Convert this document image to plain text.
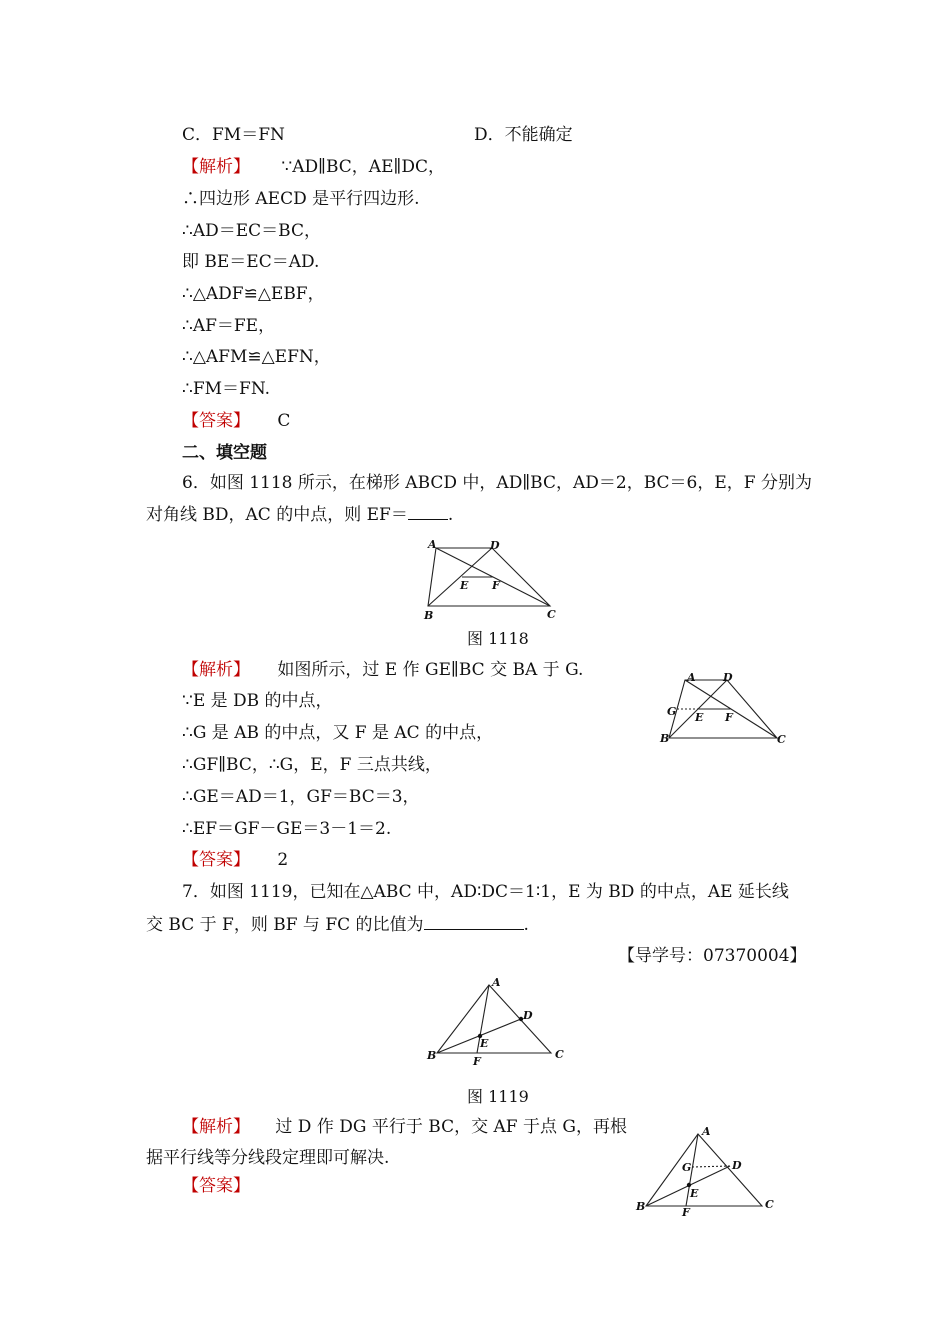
C．FM＝FN	D．不能确定
【解析】 ∵AD∥BC，AE∥DC，
∴四边形 AECD 是平行四边形.
∴AD＝EC＝BC，
即 BE＝EC＝AD.
∴△ADF≌△EBF，
∴AF＝FE，
∴△AFM≌△EFN，
∴FM＝FN.
【答案】 C
二、填空题
6．如图 1118 所示，在梯形 ABCD 中，AD∥BC，AD＝2，BC＝6，E，F 分别为
对角线 BD，AC 的中点，则 EF＝ .
A	D
E F
B	C
图 1118
【解析】 如图所示，过 E 作 GE∥BC 交 BA 于 G.
∵E 是 DB 的中点，
∴G 是 AB 的中点，又 F 是 AC 的中点，
∴GF∥BC，∴G，E，F 三点共线，
∴GE＝AD＝1，GF＝BC＝3，
∴EF＝GF－GE＝3－1＝2.
【答案】 2
A D
G E F
B	C
7．如图 1119，已知在△ABC 中，AD∶DC＝1∶1，E 为 BD 的中点，AE 延长线
交 BC 于 F，则 BF 与 FC 的比值为	.
【导学号：07370004】
A
D
E
B	F
C
图 1119
【解析】 过 D 作 DG 平行于 BC，交 AF 于点 G，再根
据平行线等分线段定理即可解决.
【答案】
A
G	D
E
B	F
C
